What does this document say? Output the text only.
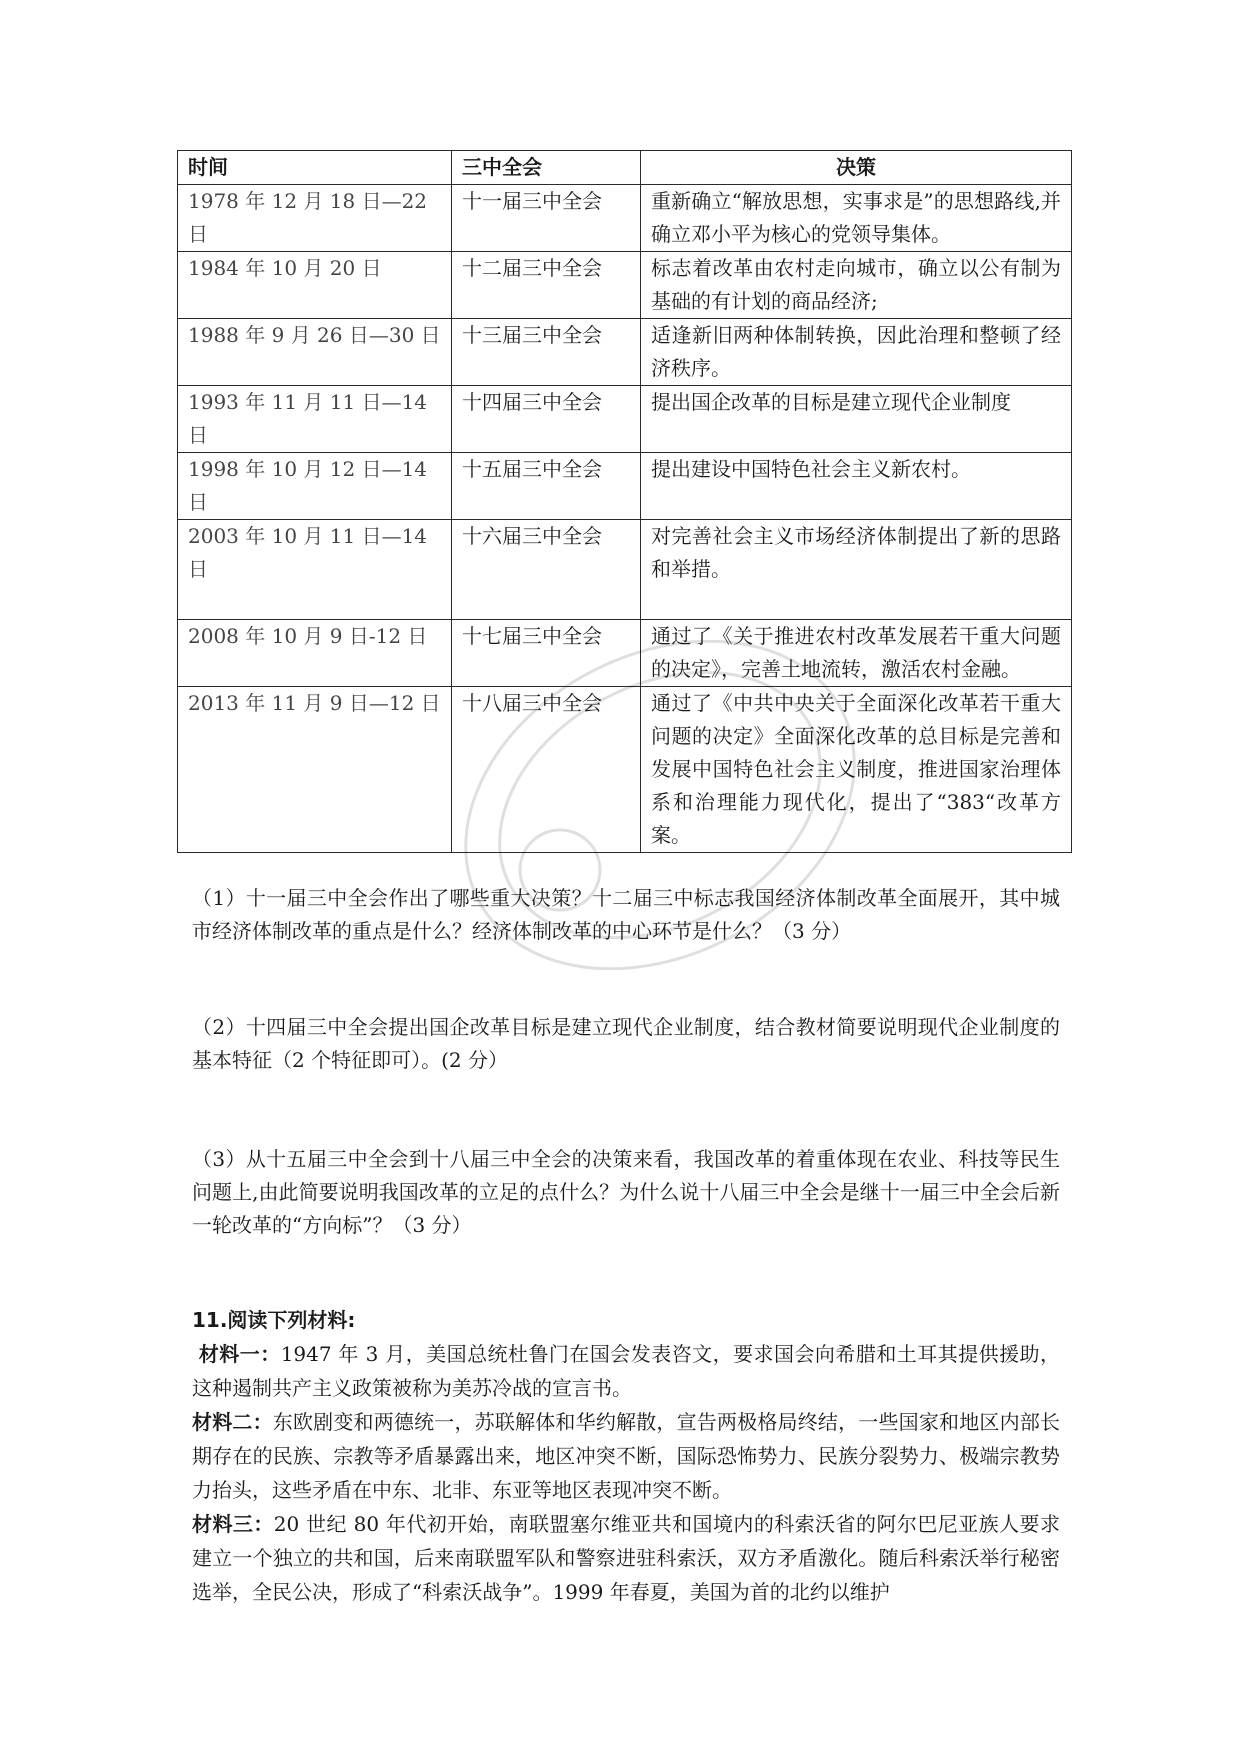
时间	三中全会	决策
1978 年 12 月 18 日—22 日	十一届三中全会	重新确立“解放思想，实事求是”的思想路线,并确立邓小平为核心的党领导集体。
1984 年 10 月 20 日	十二届三中全会	标志着改革由农村走向城市，确立以公有制为基础的有计划的商品经济;
1988 年 9 月 26 日—30 日	十三届三中全会	适逢新旧两种体制转换，因此治理和整顿了经济秩序。
1993 年 11 月 11 日—14 日	十四届三中全会	提出国企改革的目标是建立现代企业制度
1998 年 10 月 12 日—14 日	十五届三中全会	提出建设中国特色社会主义新农村。
2003 年 10 月 11 日—14 日	十六届三中全会	对完善社会主义市场经济体制提出了新的思路和举措。
2008 年 10 月 9 日-12 日	十七届三中全会	通过了《关于推进农村改革发展若干重大问题的决定》，完善土地流转，激活农村金融。
2013 年 11 月 9 日—12 日	十八届三中全会	通过了《中共中央关于全面深化改革若干重大问题的决定》全面深化改革的总目标是完善和发展中国特色社会主义制度，推进国家治理体系和治理能力现代化，提出了“383“改革方案。
（1）十一届三中全会作出了哪些重大决策？十二届三中标志我国经济体制改革全面展开，其中城市经济体制改革的重点是什么？经济体制改革的中心环节是什么？（3 分）
（2）十四届三中全会提出国企改革目标是建立现代企业制度，结合教材简要说明现代企业制度的基本特征（2 个特征即可）。(2 分）
（3）从十五届三中全会到十八届三中全会的决策来看，我国改革的着重体现在农业、科技等民生问题上,由此简要说明我国改革的立足的点什么？为什么说十八届三中全会是继十一届三中全会后新一轮改革的“方向标”？（3 分）

11.阅读下列材料:

材料一：1947 年 3 月，美国总统杜鲁门在国会发表咨文，要求国会向希腊和土耳其提供援助，这种遏制共产主义政策被称为美苏冷战的宣言书。

材料二：东欧剧变和两德统一，苏联解体和华约解散，宣告两极格局终结，一些国家和地区内部长期存在的民族、宗教等矛盾暴露出来，地区冲突不断，国际恐怖势力、民族分裂势力、极端宗教势力抬头，这些矛盾在中东、北非、东亚等地区表现冲突不断。

材料三：20 世纪 80 年代初开始，南联盟塞尔维亚共和国境内的科索沃省的阿尔巴尼亚族人要求建立一个独立的共和国，后来南联盟军队和警察进驻科索沃，双方矛盾激化。随后科索沃举行秘密选举，全民公决，形成了“科索沃战争”。1999 年春夏，美国为首的北约以维护
